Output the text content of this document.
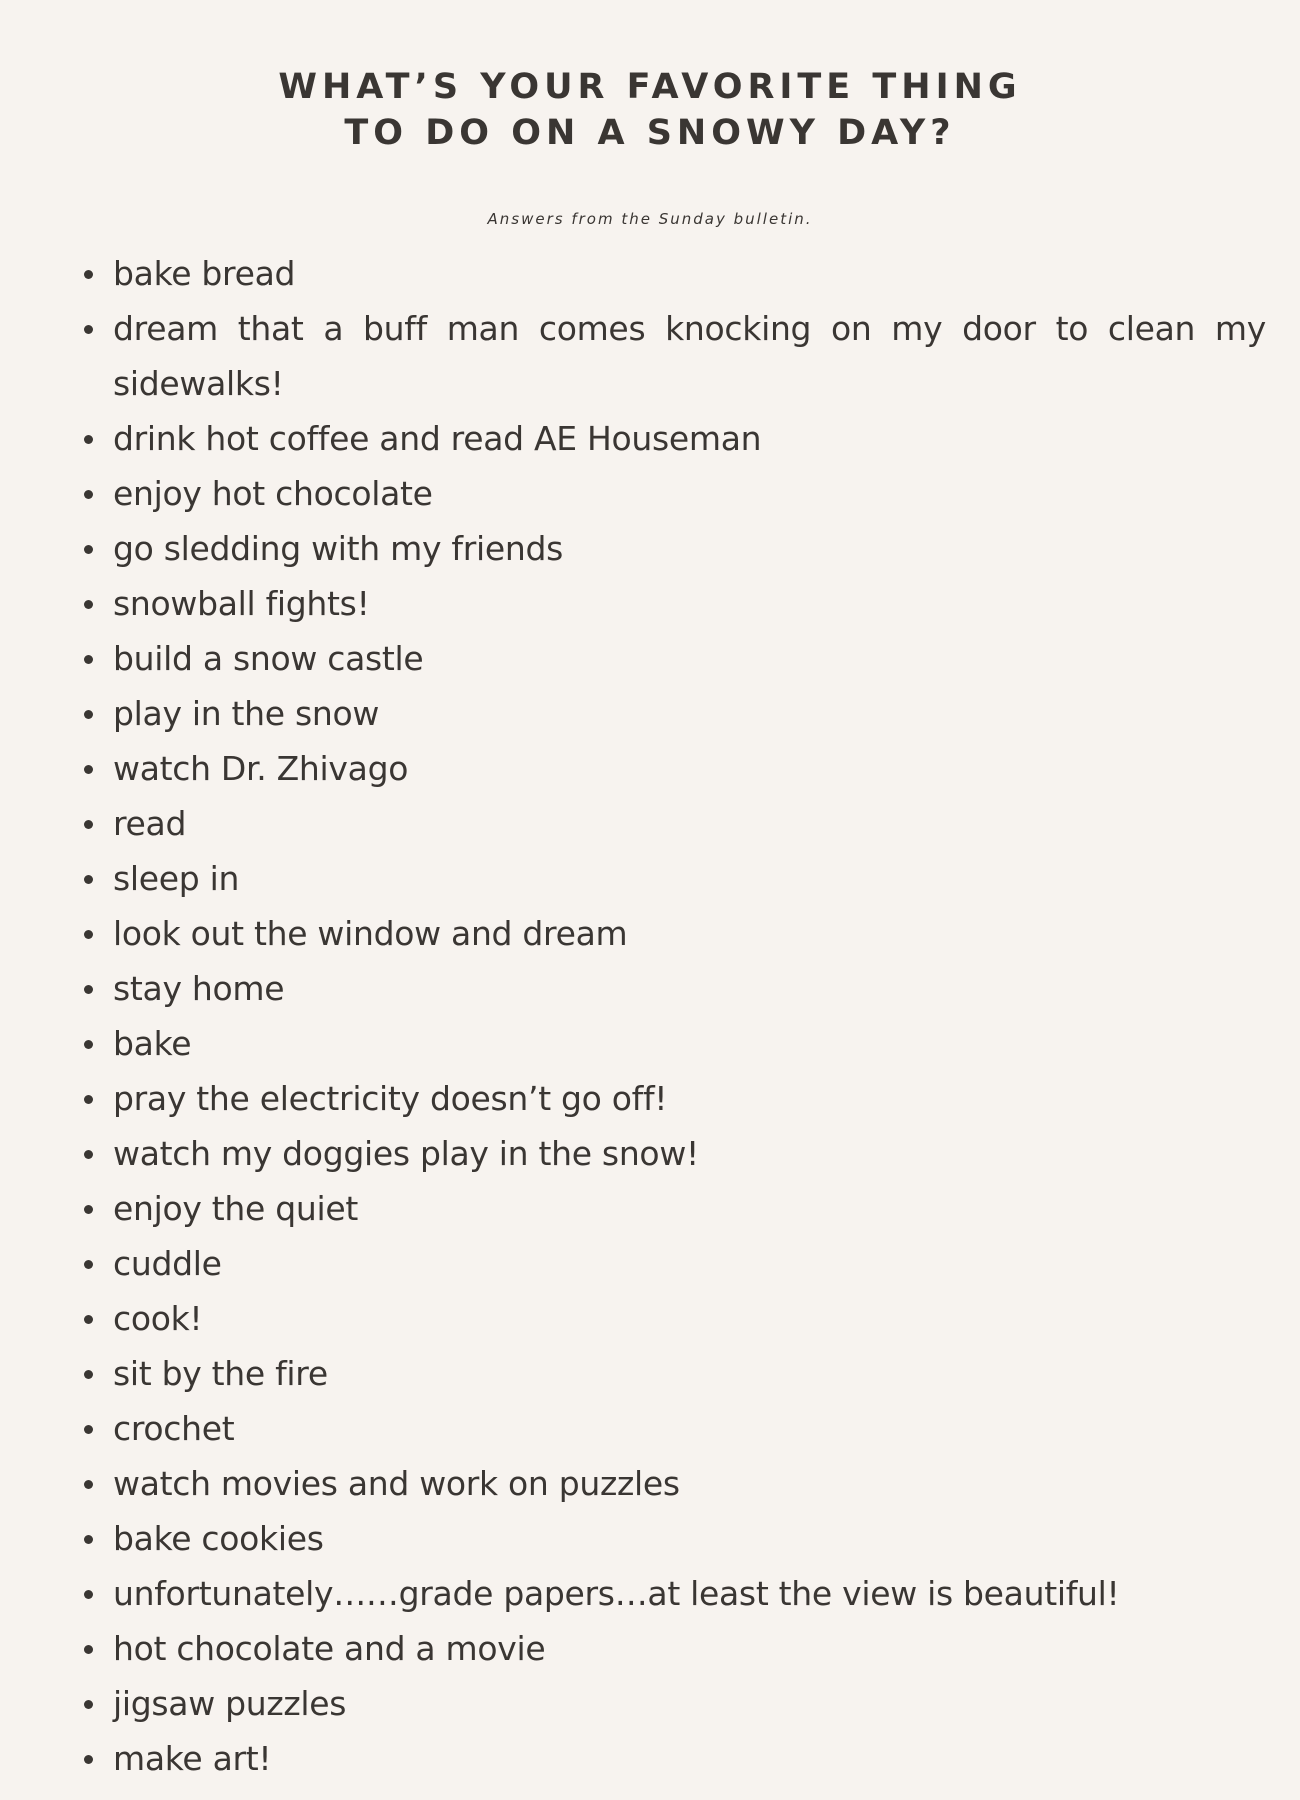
WHAT’S YOUR FAVORITE THING
TO DO ON A SNOWY DAY?
Answers from the Sunday bulletin.
bake bread
dream that a buff man comes knocking on my door to clean my sidewalks!
drink hot coffee and read AE Houseman
enjoy hot chocolate
go sledding with my friends
snowball fights!
build a snow castle
play in the snow
watch Dr. Zhivago
read
sleep in
look out the window and dream
stay home
bake
pray the electricity doesn’t go off!
watch my doggies play in the snow!
enjoy the quiet
cuddle
cook!
sit by the fire
crochet
watch movies and work on puzzles
bake cookies
unfortunately……grade papers…at least the view is beautiful!
hot chocolate and a movie
jigsaw puzzles
make art!
